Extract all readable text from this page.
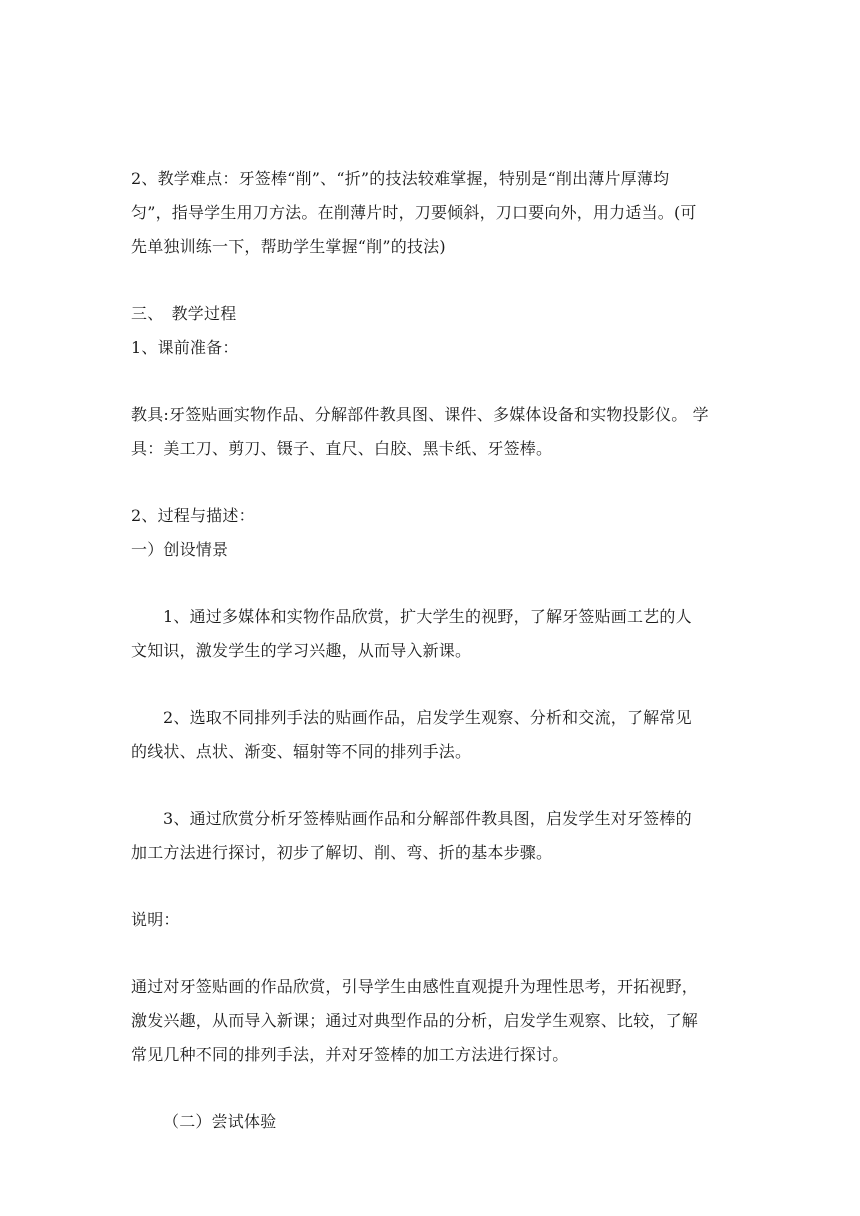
2、教学难点：牙签棒“削”、“折”的技法较难掌握，特别是“削出薄片厚薄均
匀”，指导学生用刀方法。在削薄片时，刀要倾斜，刀口要向外，用力适当。(可
先单独训练一下，帮助学生掌握“削”的技法)
三、　教学过程
1、课前准备：
教具:牙签贴画实物作品、分解部件教具图、课件、多媒体设备和实物投影仪。 学
具：美工刀、剪刀、镊子、直尺、白胶、黑卡纸、牙签棒。
2、过程与描述：
一）创设情景
1、通过多媒体和实物作品欣赏，扩大学生的视野，了解牙签贴画工艺的人
文知识，激发学生的学习兴趣，从而导入新课。
2、选取不同排列手法的贴画作品，启发学生观察、分析和交流，了解常见
的线状、点状、渐变、辐射等不同的排列手法。
3、通过欣赏分析牙签棒贴画作品和分解部件教具图，启发学生对牙签棒的
加工方法进行探讨，初步了解切、削、弯、折的基本步骤。
说明：
通过对牙签贴画的作品欣赏，引导学生由感性直观提升为理性思考，开拓视野，
激发兴趣，从而导入新课；通过对典型作品的分析，启发学生观察、比较，了解
常见几种不同的排列手法，并对牙签棒的加工方法进行探讨。
（二）尝试体验
